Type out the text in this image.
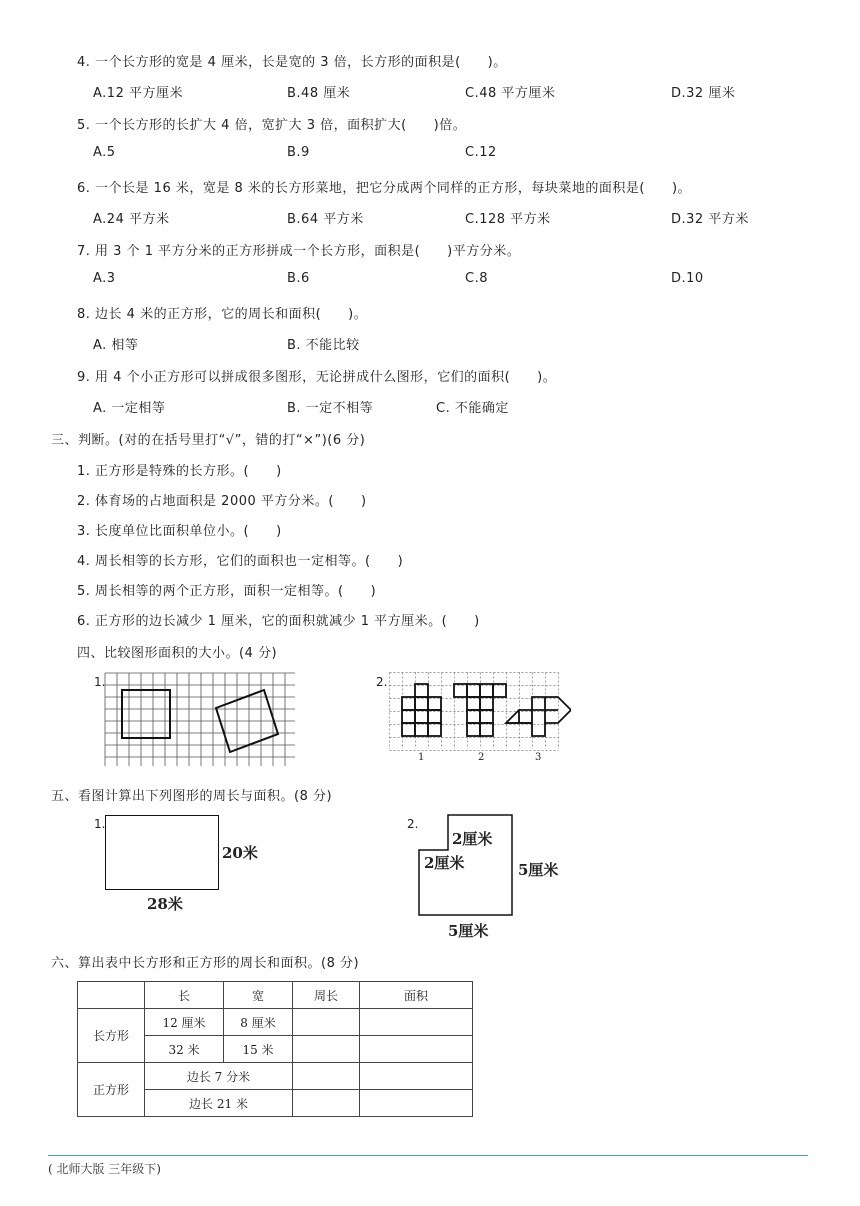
4. 一个长方形的宽是 4 厘米，长是宽的 3 倍，长方形的面积是(　　)。
A.12 平方厘米	B.48 厘米	C.48 平方厘米	D.32 厘米
5. 一个长方形的长扩大 4 倍，宽扩大 3 倍，面积扩大(　　)倍。
A.5	B.9	C.12
6. 一个长是 16 米，宽是 8 米的长方形菜地，把它分成两个同样的正方形，每块菜地的面积是(　　)。
A.24 平方米	B.64 平方米	C.128 平方米	D.32 平方米
7. 用 3 个 1 平方分米的正方形拼成一个长方形，面积是(　　)平方分米。
A.3	B.6	C.8	D.10
8. 边长 4 米的正方形，它的周长和面积(　　)。
A. 相等	B. 不能比较
9. 用 4 个小正方形可以拼成很多图形，无论拼成什么图形，它们的面积(　　)。
A. 一定相等	B. 一定不相等	C. 不能确定
三、判断。(对的在括号里打“√”，错的打“×”)(6 分)
1. 正方形是特殊的长方形。(　　)
2. 体育场的占地面积是 2000 平方分米。(　　)
3. 长度单位比面积单位小。(　　)
4. 周长相等的长方形，它们的面积也一定相等。(　　)
5. 周长相等的两个正方形，面积一定相等。(　　)
6. 正方形的边长减少 1 厘米，它的面积就减少 1 平方厘米。(　　)
四、比较图形面积的大小。(4 分)
1.	2.
1	2	3
五、看图计算出下列图形的周长与面积。(8 分)
1.
20米
28米
2.
2厘米
2厘米	5厘米
5厘米
六、算出表中长方形和正方形的周长和面积。(8 分)
	长	宽	周长	面积
长方形	12 厘米	8 厘米		
	32 米	15 米		
正方形	边长 7 分米			
	边长 21 米			
( 北师大版 三年级下)
